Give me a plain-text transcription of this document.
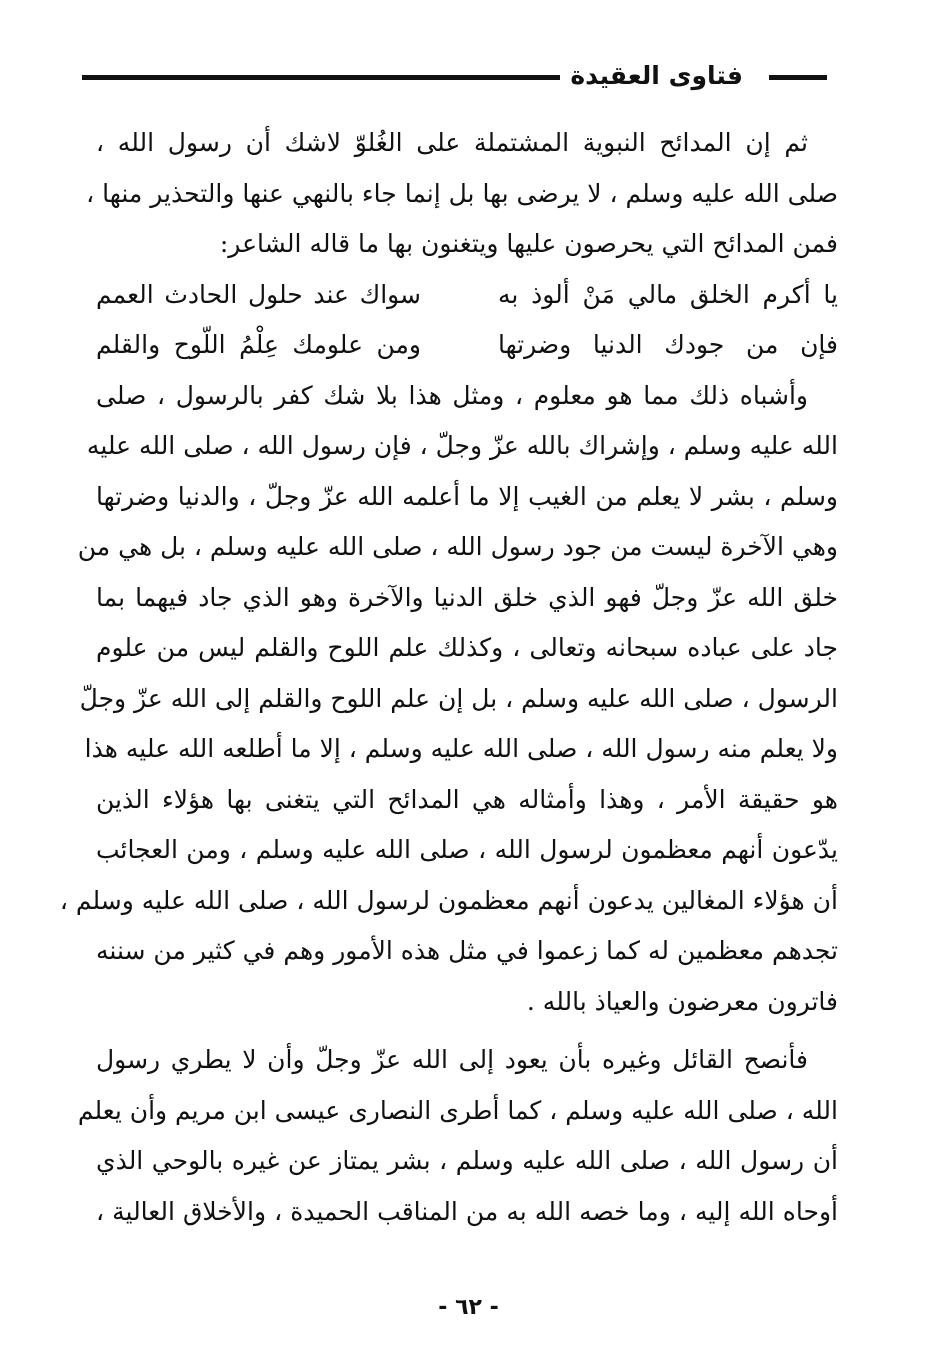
فتاوى العقيدة
ثم إن المدائح النبوية المشتملة على الغُلوّ لاشك أن رسول الله ،
صلى الله عليه وسلم ، لا يرضى بها بل إنما جاء بالنهي عنها والتحذير منها ،
فمن المدائح التي يحرصون عليها ويتغنون بها ما قاله الشاعر:
يا أكرم الخلق مالي مَنْ ألوذ به
سواك عند حلول الحادث العمم
فإن من جودك الدنيا وضرتها
ومن علومك عِلْمُ اللّوح والقلم
وأشباه ذلك مما هو معلوم ، ومثل هذا بلا شك كفر بالرسول ، صلى
الله عليه وسلم ، وإشراك بالله عزّ وجلّ ، فإن رسول الله ، صلى الله عليه
وسلم ، بشر لا يعلم من الغيب إلا ما أعلمه الله عزّ وجلّ ، والدنيا وضرتها
وهي الآخرة ليست من جود رسول الله ، صلى الله عليه وسلم ، بل هي من
خلق الله عزّ وجلّ فهو الذي خلق الدنيا والآخرة وهو الذي جاد فيهما بما
جاد على عباده سبحانه وتعالى ، وكذلك علم اللوح والقلم ليس من علوم
الرسول ، صلى الله عليه وسلم ، بل إن علم اللوح والقلم إلى الله عزّ وجلّ
ولا يعلم منه رسول الله ، صلى الله عليه وسلم ، إلا ما أطلعه الله عليه هذا
هو حقيقة الأمر ، وهذا وأمثاله هي المدائح التي يتغنى بها هؤلاء الذين
يدّعون أنهم معظمون لرسول الله ، صلى الله عليه وسلم ، ومن العجائب
أن هؤلاء المغالين يدعون أنهم معظمون لرسول الله ، صلى الله عليه وسلم ،
تجدهم معظمين له كما زعموا في مثل هذه الأمور وهم في كثير من سننه
فاترون معرضون والعياذ بالله .
فأنصح القائل وغيره بأن يعود إلى الله عزّ وجلّ وأن لا يطري رسول
الله ، صلى الله عليه وسلم ، كما أطرى النصارى عيسى ابن مريم وأن يعلم
أن رسول الله ، صلى الله عليه وسلم ، بشر يمتاز عن غيره بالوحي الذي
أوحاه الله إليه ، وما خصه الله به من المناقب الحميدة ، والأخلاق العالية ،
- ٦٢ -
